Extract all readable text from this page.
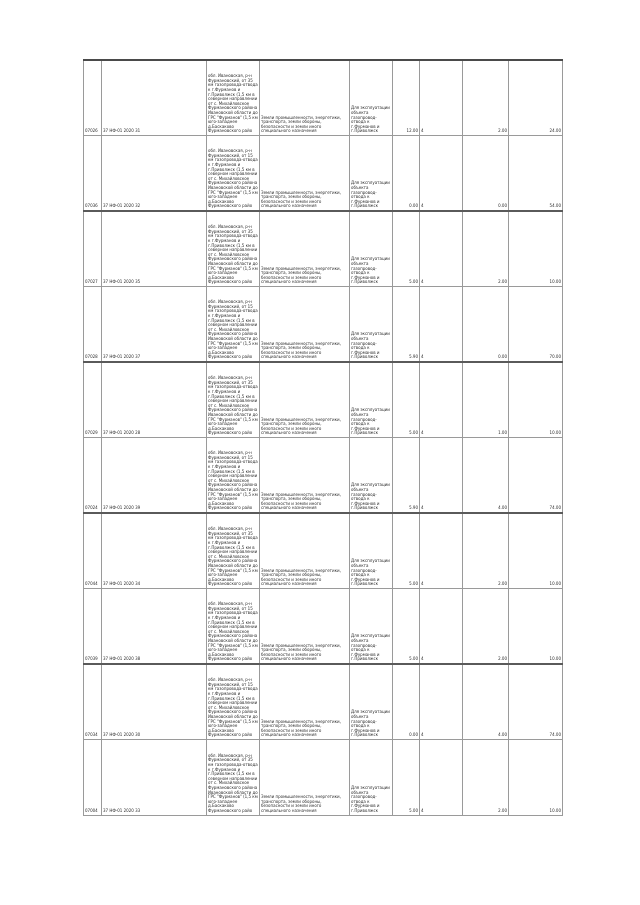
07026	37 НФ-01 2020 31	обл. Ивановская, р-н Фурмановский, от 35 км газопровода-отвода к г.Фурманов и г.Приволжск (1,5 км в северном направлении от с. Михайловское Фурмановского района Ивановской области до ГРС "Фурманов" (1,5 км юго-западнее д.Баскаково Фурмановского райо	Земли промышленности, энергетики, транспорта, земли обороны, безопасности и земли иного специального назначения	Для эксплуатации объекта газопровод-отвода к г.Фурманов и г.Приволжск	12.00	4	2.00	24.00
07036	37 НФ-01 2020 32	обл. Ивановская, р-н Фурмановский, от 15 км газопровода-отвода к г.Фурманов и г.Приволжск (1,5 км в северном направлении от с. Михайловское Фурмановского района Ивановской области до ГРС "Фурманов" (1,5 км юго-западнее д.Баскаково Фурмановского райо	Земли промышленности, энергетики, транспорта, земли обороны, безопасности и земли иного специального назначения	Для эксплуатации объекта газопровод-отвода к г.Фурманов и г.Приволжск	0.00	4	0.00	54.00
07027	37 НФ-01 2020 35	обл. Ивановская, р-н Фурмановский, от 35 км газопровода-отвода к г.Фурманов и г.Приволжск (1,5 км в северном направлении от с. Михайловское Фурмановского района Ивановской области до ГРС "Фурманов" (1,5 км юго-западнее д.Баскаково Фурмановского райо	Земли промышленности, энергетики, транспорта, земли обороны, безопасности и земли иного специального назначения	Для эксплуатации объекта газопровод-отвода к г.Фурманов и г.Приволжск	5.00	4	2.00	10.00
07028	37 НФ-01 2020 37	обл. Ивановская, р-н Фурмановский, от 15 км газопровода-отвода к г.Фурманов и г.Приволжск (1,5 км в северном направлении от с. Михайловское Фурмановского района Ивановской области до ГРС "Фурманов" (1,5 км юго-западнее д.Баскаково Фурмановского райо	Земли промышленности, энергетики, транспорта, земли обороны, безопасности и земли иного специального назначения	Для эксплуатации объекта газопровод-отвода к г.Фурманов и г.Приволжск	5.90	4	0.00	70.00
07029	37 НФ-01 2020 28	обл. Ивановская, р-н Фурмановский, от 35 км газопровода-отвода к г.Фурманов и г.Приволжск (1,5 км в северном направлении от с. Михайловское Фурмановского района Ивановской области до ГРС "Фурманов" (1,5 км юго-западнее д.Баскаково Фурмановского райо	Земли промышленности, энергетики, транспорта, земли обороны, безопасности и земли иного специального назначения	Для эксплуатации объекта газопровод-отвода к г.Фурманов и г.Приволжск	5.00	4	1.00	10.00
07024	37 НФ-01 2020 39	обл. Ивановская, р-н Фурмановский, от 15 км газопровода-отвода к г.Фурманов и г.Приволжск (1,5 км в северном направлении от с. Михайловское Фурмановского района Ивановской области до ГРС "Фурманов" (1,5 км юго-западнее д.Баскаково Фурмановского райо	Земли промышленности, энергетики, транспорта, земли обороны, безопасности и земли иного специального назначения	Для эксплуатации объекта газопровод-отвода к г.Фурманов и г.Приволжск	5.90	4	4.00	74.00
07044	37 НФ-01 2020 34	обл. Ивановская, р-н Фурмановский, от 35 км газопровода-отвода к г.Фурманов и г.Приволжск (1,5 км в северном направлении от с. Михайловское Фурмановского района Ивановской области до ГРС "Фурманов" (1,5 км юго-западнее д.Баскаково Фурмановского райо	Земли промышленности, энергетики, транспорта, земли обороны, безопасности и земли иного специального назначения	Для эксплуатации объекта газопровод-отвода к г.Фурманов и г.Приволжск	5.00	4	2.00	10.00
07039	37 НФ-01 2020 38	обл. Ивановская, р-н Фурмановский, от 15 км газопровода-отвода к г.Фурманов и г.Приволжск (1,5 км в северном направлении от с. Михайловское Фурмановского района Ивановской области до ГРС "Фурманов" (1,5 км юго-западнее д.Баскаково Фурмановского райо	Земли промышленности, энергетики, транспорта, земли обороны, безопасности и земли иного специального назначения	Для эксплуатации объекта газопровод-отвода к г.Фурманов и г.Приволжск	5.00	4	2.00	10.00
07034	37 НФ-01 2020 30	обл. Ивановская, р-н Фурмановский, от 15 км газопровода-отвода к г.Фурманов и г.Приволжск (1,5 км в северном направлении от с. Михайловское Фурмановского района Ивановской области до ГРС "Фурманов" (1,5 км юго-западнее д.Баскаково Фурмановского райо	Земли промышленности, энергетики, транспорта, земли обороны, безопасности и земли иного специального назначения	Для эксплуатации объекта газопровод-отвода к г.Фурманов и г.Приволжск	0.00	4	4.00	74.00
07004	37 НФ-01 2020 33	обл. Ивановская, р-н Фурмановский, от 35 км газопровода-отвода к г.Фурманов и г.Приволжск (1,5 км в северном направлении от с. Михайловское Фурмановского района Ивановской области до ГРС "Фурманов" (1,5 км юго-западнее д.Баскаково Фурмановского райо	Земли промышленности, энергетики, транспорта, земли обороны, безопасности и земли иного специального назначения	Для эксплуатации объекта газопровод-отвода к г.Фурманов и г.Приволжск	5.00	4	2.00	10.00
